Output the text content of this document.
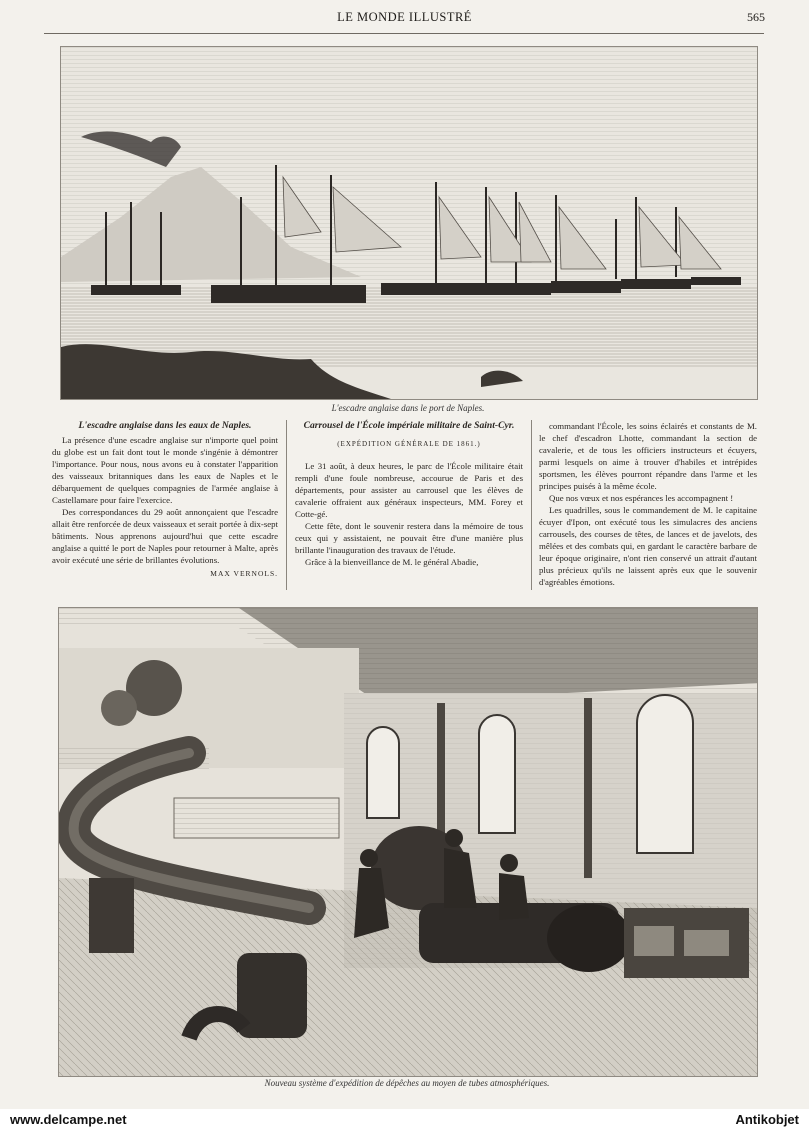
LE MONDE ILLUSTRÉ	565
L'escadre anglaise dans le port de Naples.
L'escadre anglaise dans les eaux de Naples.

La présence d'une escadre anglaise sur n'importe quel point du globe est un fait dont tout le monde s'ingénie à démontrer l'importance. Pour nous, nous avons eu à constater l'apparition des vaisseaux britanniques dans les eaux de Naples et le débarquement de quelques compagnies de l'armée anglaise à Castellamare pour faire l'exercice.

Des correspondances du 29 août annonçaient que l'escadre allait être renforcée de deux vaisseaux et serait portée à dix-sept bâtiments. Nous apprenons aujourd'hui que cette escadre anglaise a quitté le port de Naples pour retourner à Malte, après avoir exécuté une série de brillantes évolutions.

MAX VERNOLS.
Carrousel de l'École impériale militaire de Saint-Cyr.
(EXPÉDITION GÉNÉRALE DE 1861.)

Le 31 août, à deux heures, le parc de l'École militaire était rempli d'une foule nombreuse, accourue de Paris et des départements, pour assister au carrousel que les élèves de cavalerie offraient aux généraux inspecteurs, MM. Forey et Cotte-gé.

Cette fête, dont le souvenir restera dans la mémoire de tous ceux qui y assistaient, ne pouvait être d'une manière plus brillante l'inauguration des travaux de l'étude.

Grâce à la bienveillance de M. le général Abadie,

commandant l'École, les soins éclairés et constants de M. le chef d'escadron Lhotte, commandant la section de cavalerie, et de tous les officiers instructeurs et écuyers, parmi lesquels on aime à trouver d'habiles et intrépides sportsmen, les élèves pourront répandre dans l'arme et les principes puisés à la même école.

Que nos vœux et nos espérances les accompagnent !

Les quadrilles, sous le commandement de M. le capitaine écuyer d'Ipon, ont exécuté tous les simulacres des anciens carrousels, des courses de têtes, de lances et de javelots, des mêlées et des combats qui, en gardant le caractère barbare de leur époque originaire, n'ont rien conservé un attrait d'autant plus précieux qu'ils ne laissent après eux que le souvenir d'agréables émotions.

Nouveau système d'expédition de dépêches au moyen de tubes atmosphériques.
www.delcampe.net	Antikobjet
